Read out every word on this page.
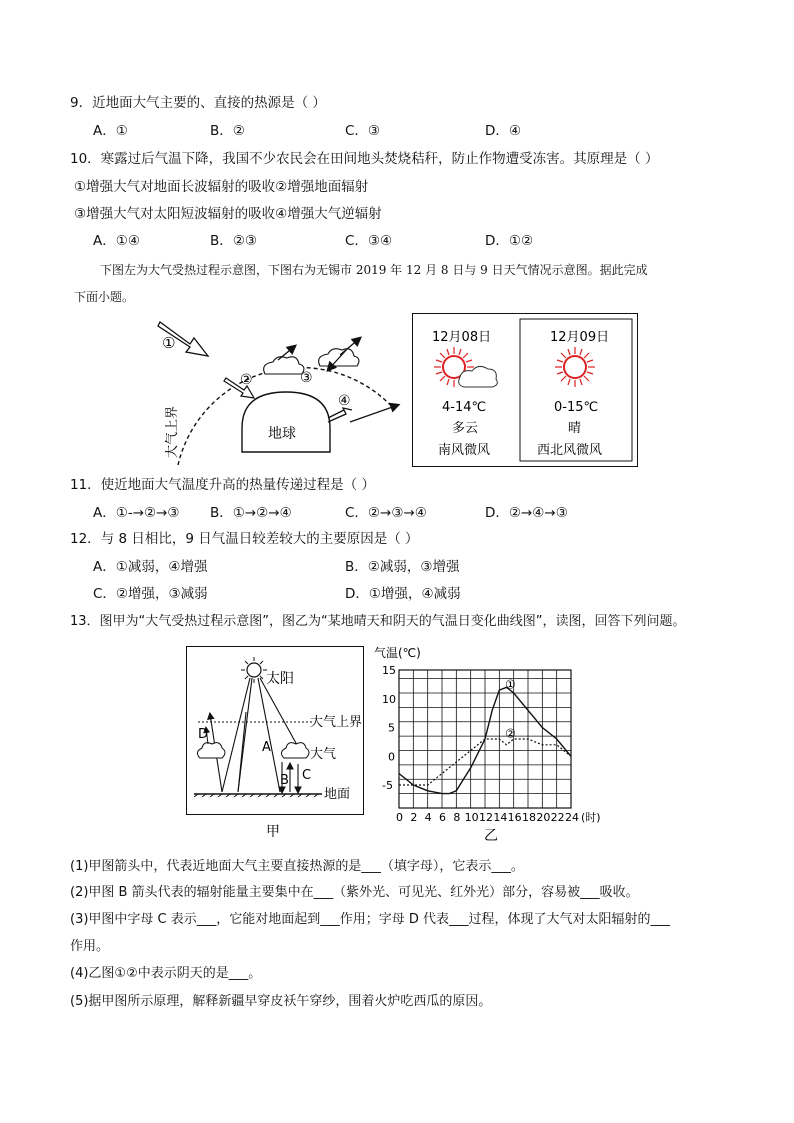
9．近地面大气主要的、直接的热源是（ ）
A．①	B．②	C．③	D．④
10．寒露过后气温下降，我国不少农民会在田间地头焚烧秸秆，防止作物遭受冻害。其原理是（ ）
①增强大气对地面长波辐射的吸收②增强地面辐射
③增强大气对太阳短波辐射的吸收④增强大气逆辐射
A．①④	B．②③	C．③④	D．①②
下图左为大气受热过程示意图，下图右为无锡市 2019 年 12 月 8 日与 9 日天气情况示意图。据此完成
下面小题。
地球
①
②	③
④
大气上界
12月08日	12月09日
4-14℃	0-15℃
多云	晴
南风微风	西北风微风
11．使近地面大气温度升高的热量传递过程是（ ）
A．①-→②→③ B．①→②→④	C．②→③→④	D．②→④→③
12．与 8 日相比，9 日气温日较差较大的主要原因是（ ）
A．①减弱，④增强	B．②减弱，③增强
C．②增强，③减弱	D．①增强，④减弱
13．图甲为“大气受热过程示意图”，图乙为“某地晴天和阴天的气温日变化曲线图”，读图，回答下列问题。
太阳
大气上界
地面
D
大气
A
B C
甲
气温(℃)
0 2 4 6 8 10 12 14 16 18 20 22 24
15
10
5
0
-5
①
②
(时)
乙
(1)甲图箭头中，代表近地面大气主要直接热源的是___（填字母），它表示___。
(2)甲图 B 箭头代表的辐射能量主要集中在___（紫外光、可见光、红外光）部分，容易被___吸收。
(3)甲图中字母 C 表示___，它能对地面起到___作用；字母 D 代表___过程，体现了大气对太阳辐射的___
作用。
(4)乙图①②中表示阴天的是___。
(5)据甲图所示原理，解释新疆早穿皮袄午穿纱，围着火炉吃西瓜的原因。
